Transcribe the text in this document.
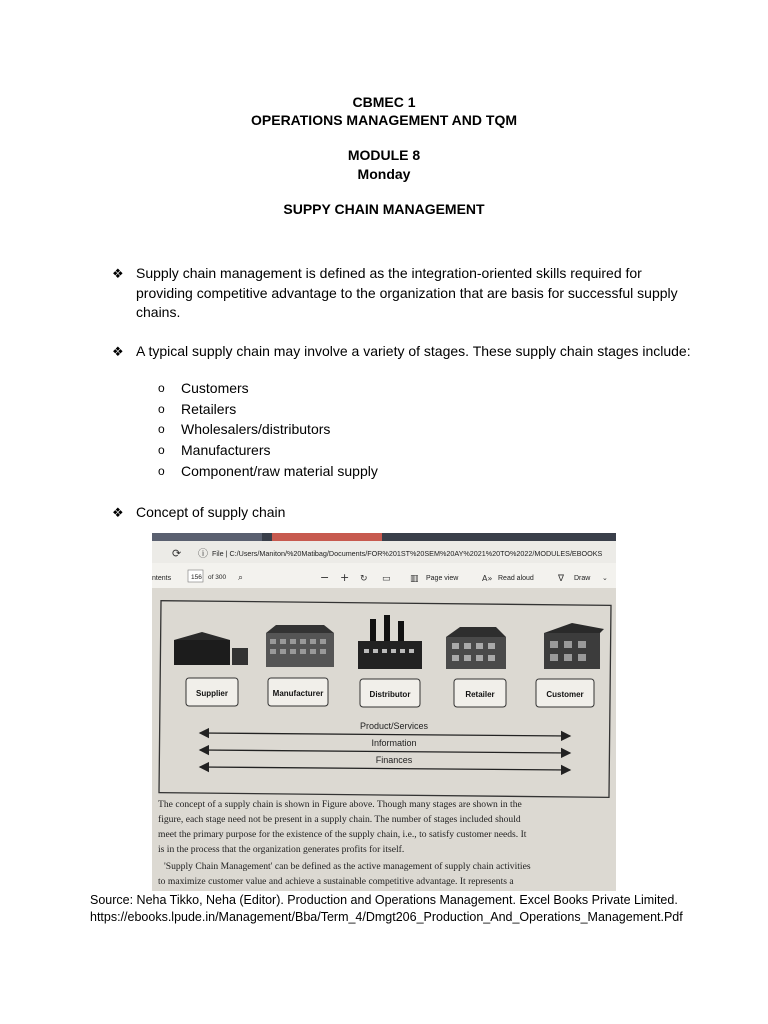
CBMEC 1
OPERATIONS MANAGEMENT AND TQM
MODULE 8
Monday
SUPPY CHAIN MANAGEMENT
❖ Supply chain management is defined as the integration-oriented skills required for providing competitive advantage to the organization that are basis for successful supply chains.
❖ A typical supply chain may involve a variety of stages. These supply chain stages include:
o Customers
o Retailers
o Wholesalers/distributors
o Manufacturers
o Component/raw material supply
❖ Concept of supply chain
⟳ ⓘ File | C:/Users/Maniton/%20Matibag/Documents/FOR%201ST%20SEM%20AY%2021%20TO%2022/MODULES/EBOOKS
ntents	156 of 300 ⌕	− + ↻ ▭ ▥ Page view	A» Read aloud	∇ Draw ⌄
Supplier	Manufacturer	Distributor	Retailer	Customer
Product/Services
Information
Finances
The concept of a supply chain is shown in Figure above. Though many stages are shown in the
figure, each stage need not be present in a supply chain. The number of stages included should
meet the primary purpose for the existence of the supply chain, i.e., to satisfy customer needs. It
is in the process that the organization generates profits for itself.
'Supply Chain Management' can be defined as the active management of supply chain activities
to maximize customer value and achieve a sustainable competitive advantage. It represents a
Source: Neha Tikko, Neha (Editor). Production and Operations Management. Excel Books Private Limited.
https://ebooks.lpude.in/Management/Bba/Term_4/Dmgt206_Production_And_Operations_Management.Pdf
